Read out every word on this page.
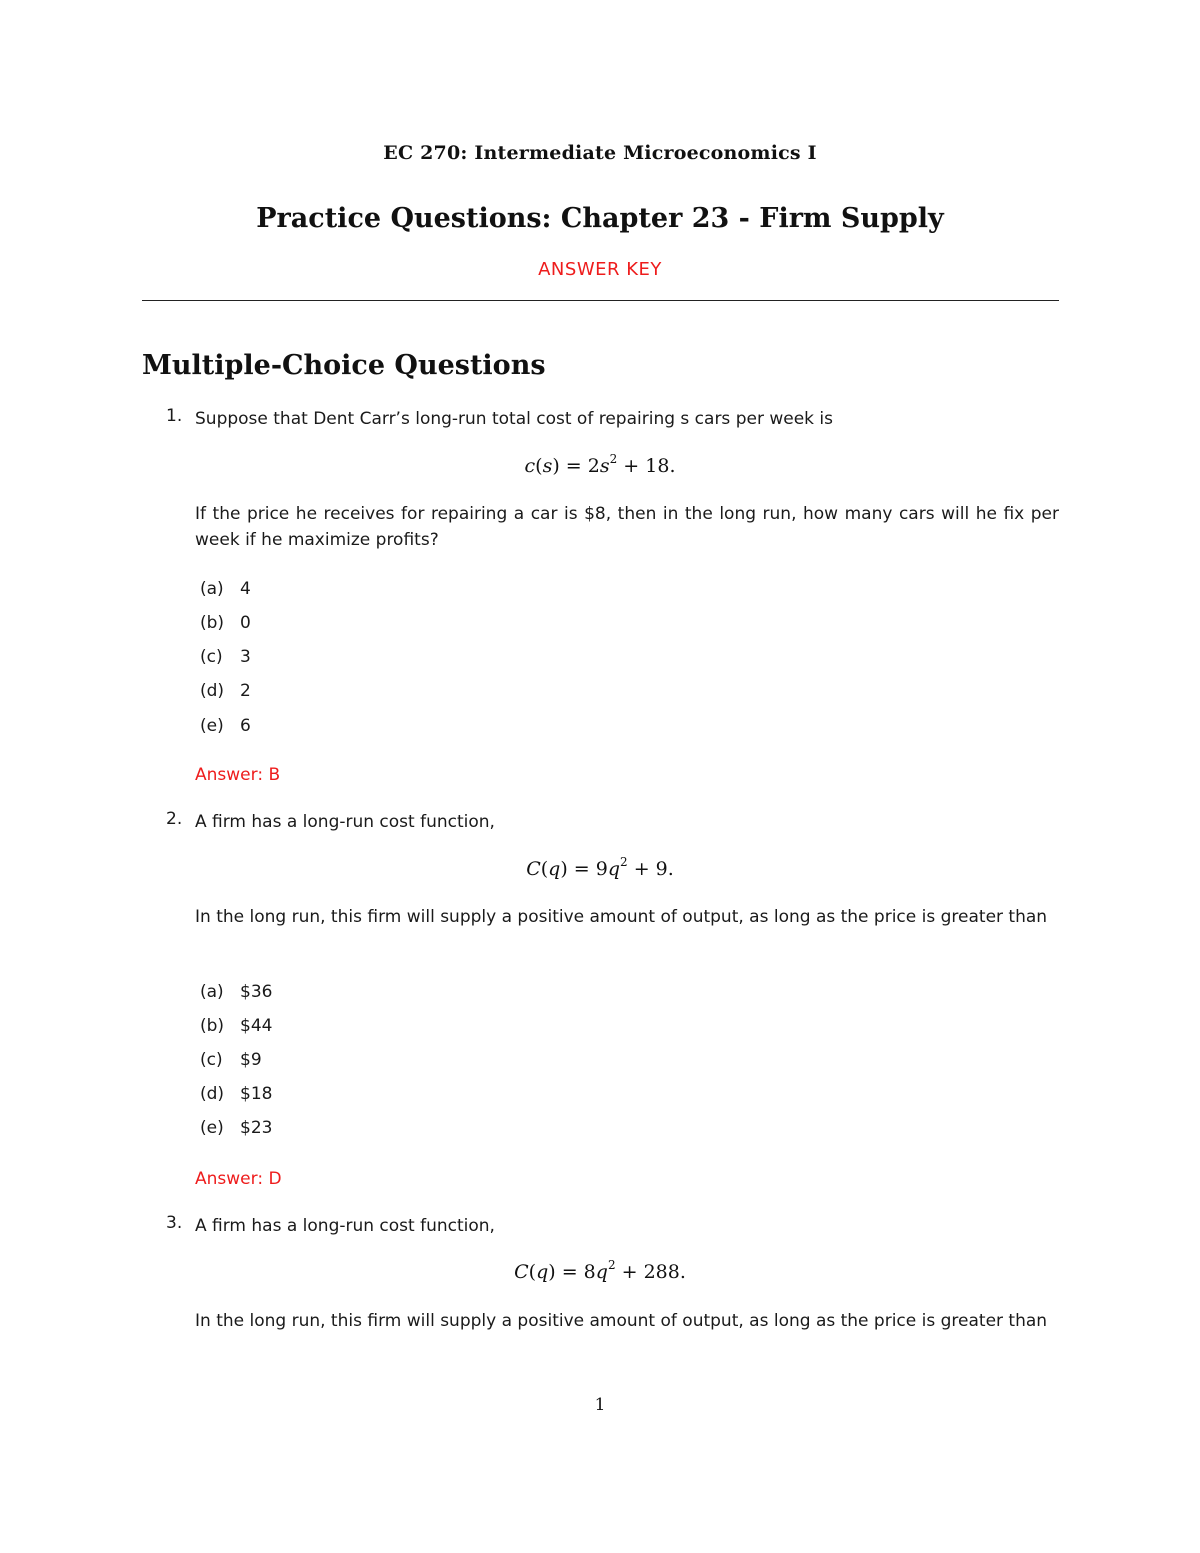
EC 270: Intermediate Microeconomics I
Practice Questions: Chapter 23 - Firm Supply
ANSWER KEY
Multiple-Choice Questions
1. Suppose that Dent Carr’s long-run total cost of repairing s cars per week is
$c(s) = 2s^2 + 18$.
If the price he receives for repairing a car is $8, then in the long run, how many cars will he fix per week if he maximize profits?
(a) 4
(b) 0
(c) 3
(d) 2
(e) 6
Answer: B
2. A firm has a long-run cost function,
$C(q) = 9q^2 + 9$.
In the long run, this firm will supply a positive amount of output, as long as the price is greater than
(a) $36
(b) $44
(c) $9
(d) $18
(e) $23
Answer: D
3. A firm has a long-run cost function,
$C(q) = 8q^2 + 288$.
In the long run, this firm will supply a positive amount of output, as long as the price is greater than
1
